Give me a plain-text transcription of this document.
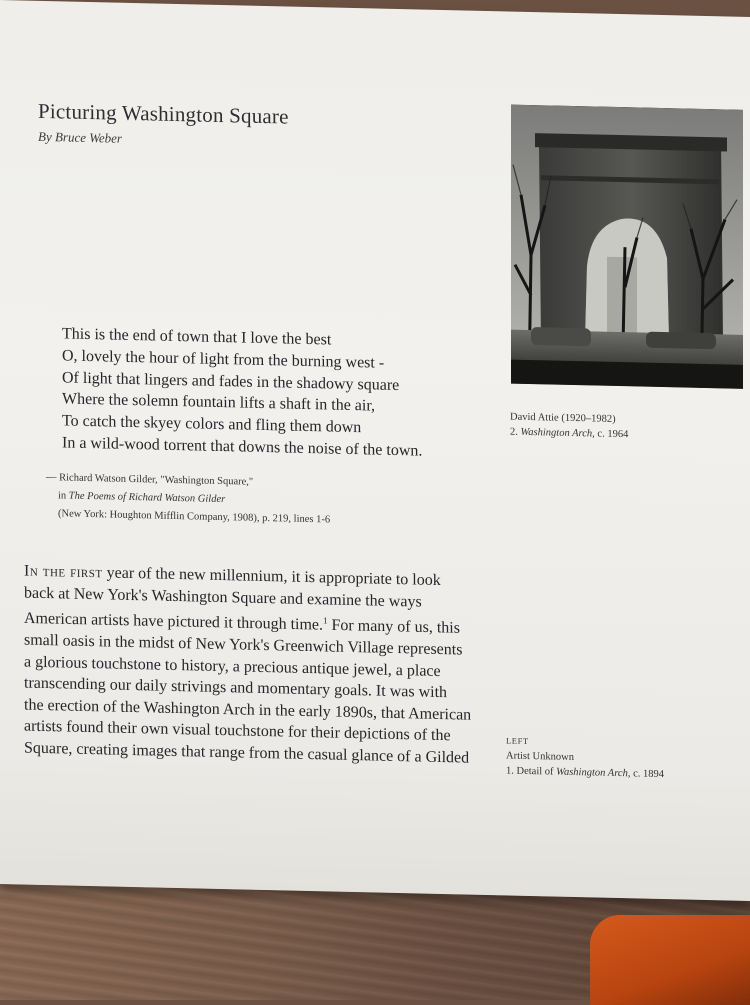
Picturing Washington Square
By Bruce Weber
David Attie (1920–1982)
2. Washington Arch, c. 1964
This is the end of town that I love the best
O, lovely the hour of light from the burning west -
Of light that lingers and fades in the shadowy square
Where the solemn fountain lifts a shaft in the air,
To catch the skyey colors and fling them down
In a wild-wood torrent that downs the noise of the town.
— Richard Watson Gilder, "Washington Square,"
in The Poems of Richard Watson Gilder
(New York: Houghton Mifflin Company, 1908), p. 219, lines 1-6
In the first year of the new millennium, it is appropriate to look
back at New York's Washington Square and examine the ways
American artists have pictured it through time.$^1$ For many of us, this
small oasis in the midst of New York's Greenwich Village represents
a glorious touchstone to history, a precious antique jewel, a place
transcending our daily strivings and momentary goals. It was with
the erection of the Washington Arch in the early 1890s, that American
artists found their own visual touchstone for their depictions of the
Square, creating images that range from the casual glance of a Gilded	LEFT
Artist Unknown
1. Detail of Washington Arch, c. 1894
